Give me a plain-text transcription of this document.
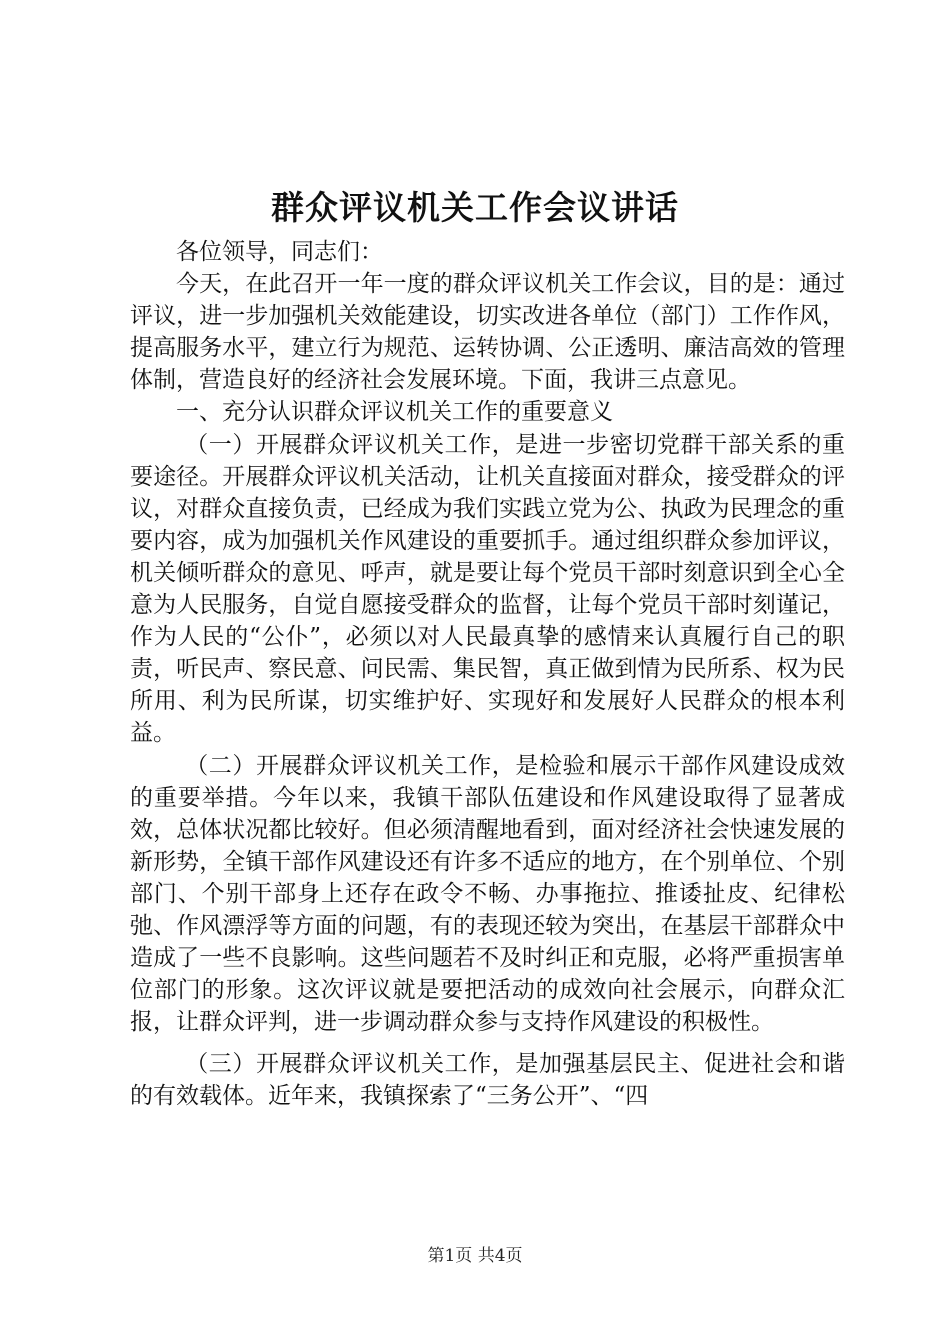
群众评议机关工作会议讲话

各位领导，同志们：

今天，在此召开一年一度的群众评议机关工作会议，目的是：通过评议，进一步加强机关效能建设，切实改进各单位（部门）工作作风，提高服务水平，建立行为规范、运转协调、公正透明、廉洁高效的管理体制，营造良好的经济社会发展环境。下面，我讲三点意见。

一、充分认识群众评议机关工作的重要意义

（一）开展群众评议机关工作，是进一步密切党群干部关系的重要途径。开展群众评议机关活动，让机关直接面对群众，接受群众的评议，对群众直接负责，已经成为我们实践立党为公、执政为民理念的重要内容，成为加强机关作风建设的重要抓手。通过组织群众参加评议，机关倾听群众的意见、呼声，就是要让每个党员干部时刻意识到全心全意为人民服务，自觉自愿接受群众的监督，让每个党员干部时刻谨记，作为人民的“公仆”，必须以对人民最真挚的感情来认真履行自己的职责，听民声、察民意、问民需、集民智，真正做到情为民所系、权为民所用、利为民所谋，切实维护好、实现好和发展好人民群众的根本利益。

（二）开展群众评议机关工作，是检验和展示干部作风建设成效的重要举措。今年以来，我镇干部队伍建设和作风建设取得了显著成效，总体状况都比较好。但必须清醒地看到，面对经济社会快速发展的新形势，全镇干部作风建设还有许多不适应的地方，在个别单位、个别部门、个别干部身上还存在政令不畅、办事拖拉、推诿扯皮、纪律松弛、作风漂浮等方面的问题，有的表现还较为突出，在基层干部群众中造成了一些不良影响。这些问题若不及时纠正和克服，必将严重损害单位部门的形象。这次评议就是要把活动的成效向社会展示，向群众汇报，让群众评判，进一步调动群众参与支持作风建设的积极性。

（三）开展群众评议机关工作，是加强基层民主、促进社会和谐的有效载体。近年来，我镇探索了“三务公开”、“四

第1页 共4页
